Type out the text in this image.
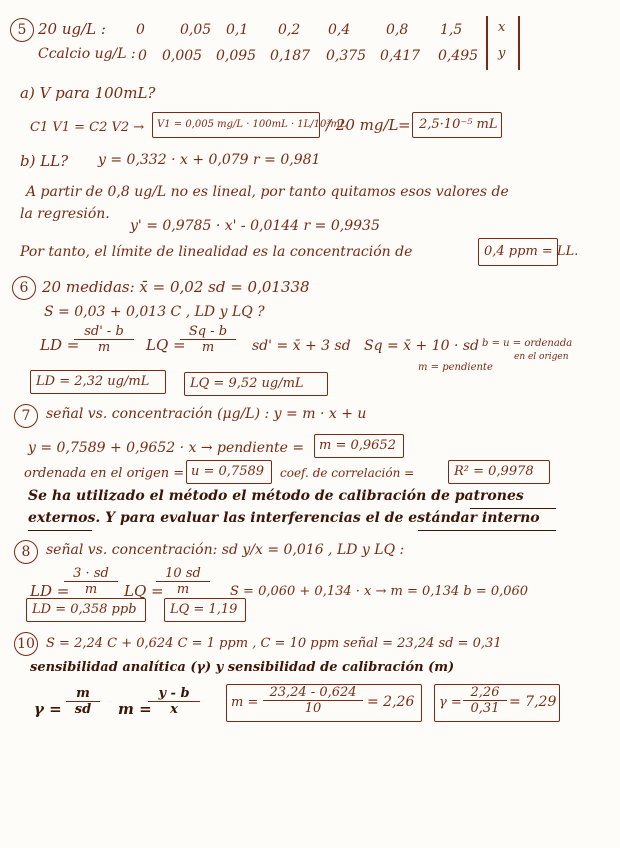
5 20 ug/L :
Ccalcio ug/L :
0	0,05 0,1 0,2 0,4	0,8 1,5
0 0,005 0,095 0,187 0,375 0,417 0,495
x
y
a) V para 100mL?
C1 V1 = C2 V2 → V1 = 0,005 mg/L · 100mL · 1L/10³mL
/ 20 mg/L = 2,5·10⁻⁵ mL
b) LL? y = 0,332 · x + 0,079 r = 0,981
A partir de 0,8 ug/L no es lineal, por tanto quitamos esos valores de
la regresión.
y' = 0,9785 · x' - 0,0144 r = 0,9935
Por tanto, el límite de linealidad es la concentración de	0,4 ppm = LL.
6 20 medidas: x̄ = 0,02 sd = 0,01338
S = 0,03 + 0,013 C , LD y LQ ?
LD =
$\frac{sd' - b}{m}$ LQ =
$\frac{Sq - b}{m} sd'$ = x̄ + 3 sd Sq = x̄ + 10 · sd b = u = ordenada
en el origen
m = pendiente
LD = 2,32 ug/mL	LQ = 9,52 ug/mL
7	señal vs. concentración (μg/L) : y = m · x + u
y = 0,7589 + 0,9652 · x → pendiente = m = 0,9652
ordenada en el origen = u = 0,7589 coef. de correlación =	R² = 0,9978
Se ha utilizado el método el método de calibración de patrones
externos. Y para evaluar las interferencias el de estándar interno
8	señal vs. concentración: sd y/x = 0,016 , LD y LQ :
LD =
$\frac{3 \cdot sd}{m}$ LQ =
$\frac{10 sd}{m}$ S = 0,060 + 0,134 · x → m = 0,134 b = 0,060
LD = 0,358 ppb	LQ = 1,19
10 S = 2,24 C + 0,624 C = 1 ppm , C = 10 ppm señal = 23,24 sd = 0,31
sensibilidad analítica (γ) y sensibilidad de calibración (m)
$\gamma = \frac{m}{sd}$ m =
$\frac{y - b}{x}$ $m = \frac{23,24 - 0,624}{10} = 2,26$ $\gamma = \frac{2,26}{0,31} = 7,29$
